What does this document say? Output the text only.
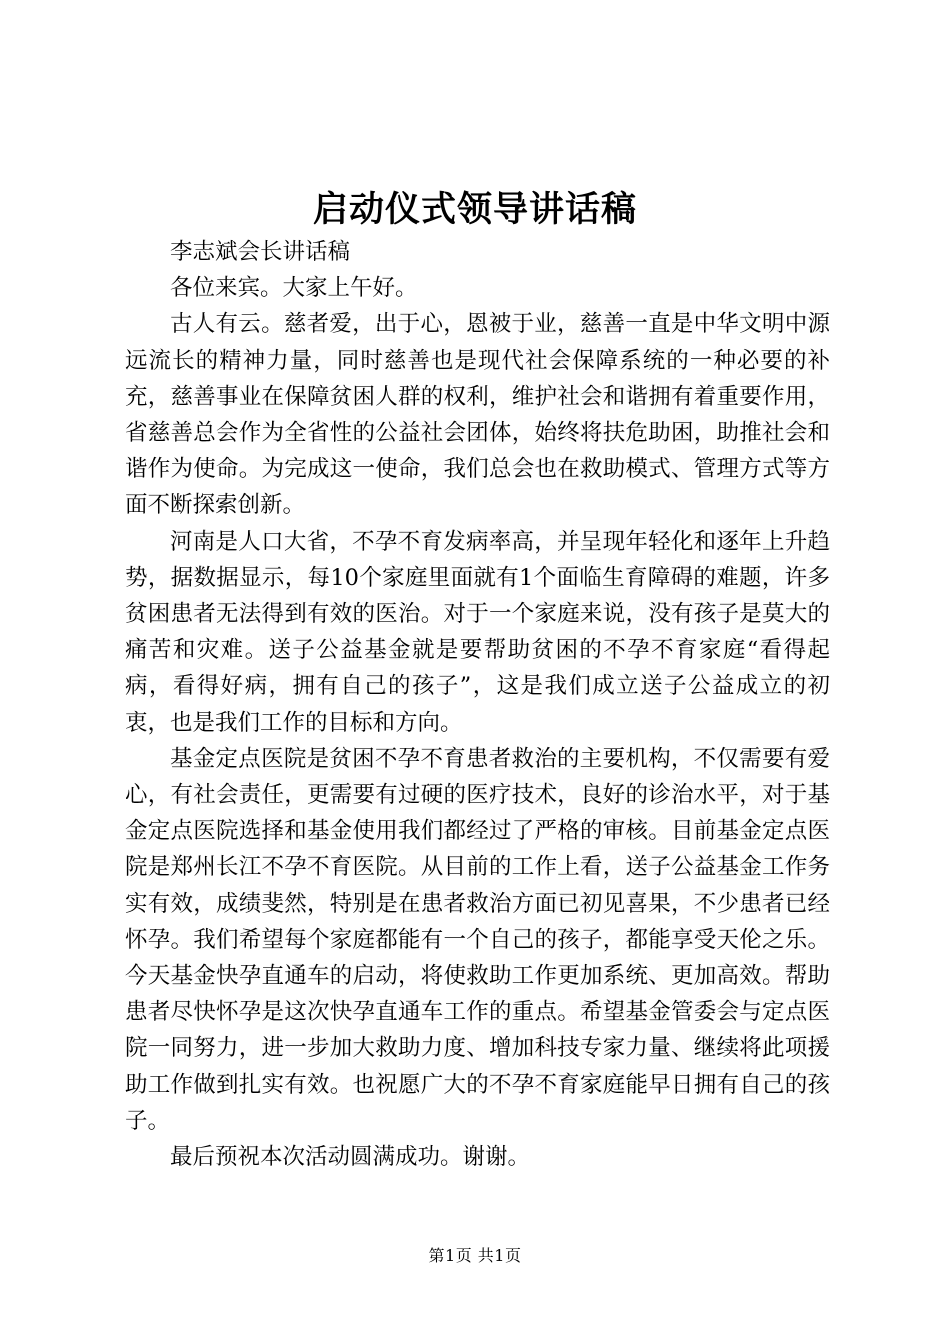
启动仪式领导讲话稿

李志斌会长讲话稿

各位来宾。大家上午好。

古人有云。慈者爱，出于心，恩被于业，慈善一直是中华文明中源远流长的精神力量，同时慈善也是现代社会保障系统的一种必要的补充，慈善事业在保障贫困人群的权利，维护社会和谐拥有着重要作用，省慈善总会作为全省性的公益社会团体，始终将扶危助困，助推社会和谐作为使命。为完成这一使命，我们总会也在救助模式、管理方式等方面不断探索创新。

河南是人口大省，不孕不育发病率高，并呈现年轻化和逐年上升趋势，据数据显示，每10个家庭里面就有1个面临生育障碍的难题，许多贫困患者无法得到有效的医治。对于一个家庭来说，没有孩子是莫大的痛苦和灾难。送子公益基金就是要帮助贫困的不孕不育家庭“看得起病，看得好病，拥有自己的孩子”，这是我们成立送子公益成立的初衷，也是我们工作的目标和方向。

基金定点医院是贫困不孕不育患者救治的主要机构，不仅需要有爱心，有社会责任，更需要有过硬的医疗技术，良好的诊治水平，对于基金定点医院选择和基金使用我们都经过了严格的审核。目前基金定点医院是郑州长江不孕不育医院。从目前的工作上看，送子公益基金工作务实有效，成绩斐然，特别是在患者救治方面已初见喜果，不少患者已经怀孕。我们希望每个家庭都能有一个自己的孩子，都能享受天伦之乐。今天基金快孕直通车的启动，将使救助工作更加系统、更加高效。帮助患者尽快怀孕是这次快孕直通车工作的重点。希望基金管委会与定点医院一同努力，进一步加大救助力度、增加科技专家力量、继续将此项援助工作做到扎实有效。也祝愿广大的不孕不育家庭能早日拥有自己的孩子。

最后预祝本次活动圆满成功。谢谢。

第1页 共1页
